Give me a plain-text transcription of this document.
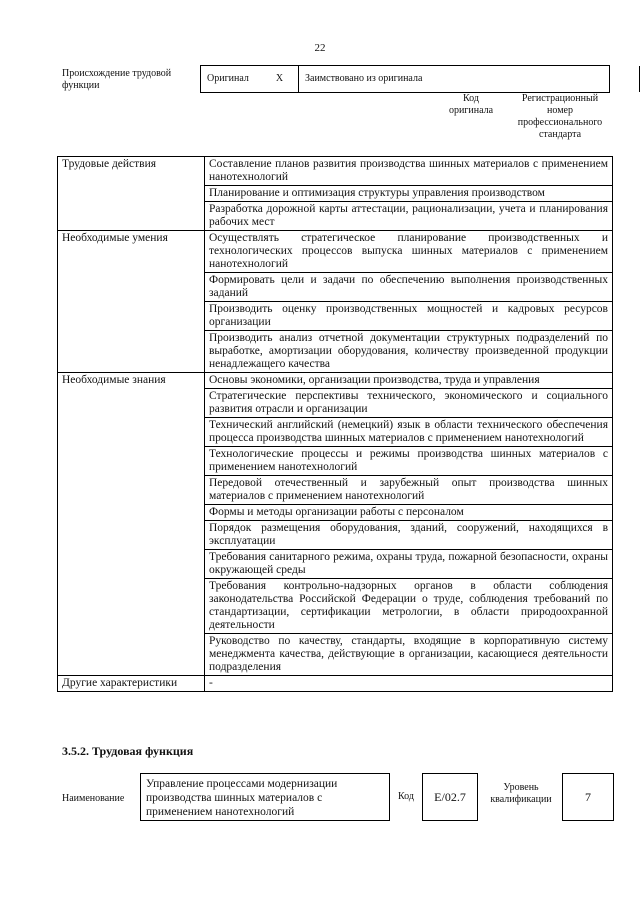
22
Происхождение трудовой функции
Оригинал	X	Заимствовано из оригинала
Код оригинала
Регистрационный номер профессионального стандарта
Трудовые действия	Составление планов развития производства шинных материалов с применением нанотехнологий
	Планирование и оптимизация структуры управления производством
	Разработка дорожной карты аттестации, рационализации, учета и планирования рабочих мест
Необходимые умения	Осуществлять стратегическое планирование производственных и технологических процессов выпуска шинных материалов с применением нанотехнологий
	Формировать цели и задачи по обеспечению выполнения производственных заданий
	Производить оценку производственных мощностей и кадровых ресурсов организации
	Производить анализ отчетной документации структурных подразделений по выработке, амортизации оборудования, количеству произведенной продукции ненадлежащего качества
Необходимые знания	Основы экономики, организации производства, труда и управления
	Стратегические перспективы технического, экономического и социального развития отрасли и организации
	Технический английский (немецкий) язык в области технического обеспечения процесса производства шинных материалов с применением нанотехнологий
	Технологические процессы и режимы производства шинных материалов с применением нанотехнологий
	Передовой отечественный и зарубежный опыт производства шинных материалов с применением нанотехнологий
	Формы и методы организации работы с персоналом
	Порядок размещения оборудования, зданий, сооружений, находящихся в эксплуатации
	Требования санитарного режима, охраны труда, пожарной безопасности, охраны окружающей среды
	Требования контрольно-надзорных органов в области соблюдения законодательства Российской Федерации о труде, соблюдения требований по стандартизации, сертификации метрологии, в области природоохранной деятельности
	Руководство по качеству, стандарты, входящие в корпоративную систему менеджмента качества, действующие в организации, касающиеся деятельности подразделения
Другие характеристики	-
3.5.2. Трудовая функция
Наименование
Управление процессами модернизации производства шинных материалов с применением нанотехнологий
Код	E/02.7
Уровень квалификации	7
